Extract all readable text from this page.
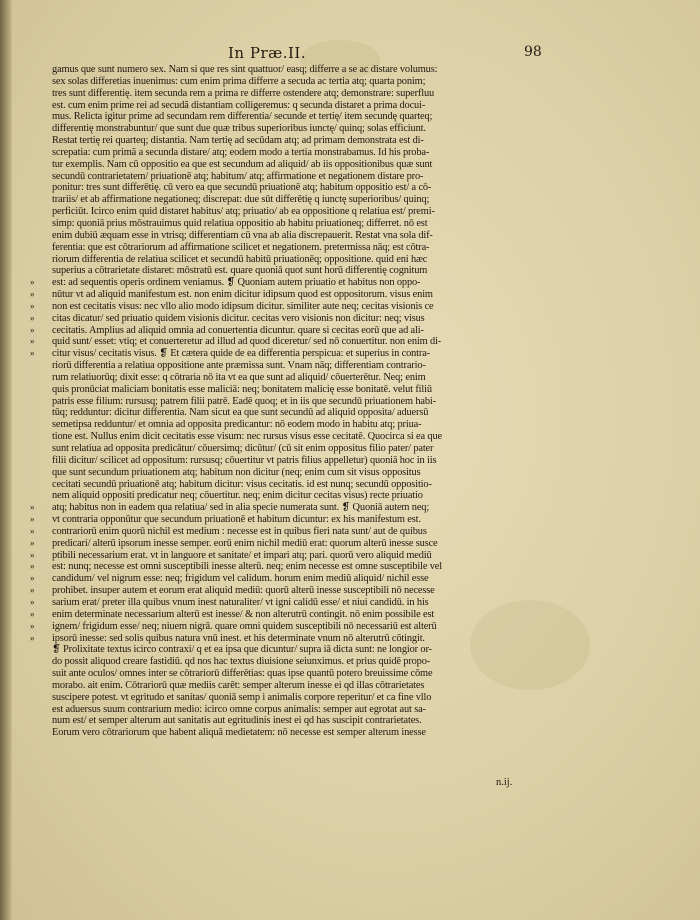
In Præ.II.	98
gamus que sunt numero sex. Nam si que res sint quattuor/ easq; differre a se ac distare volumus:
sex solas differetias inuenimus: cum enim prima differre a secuda ac tertia atq; quarta ponim;
tres sunt differentię. item secunda rem a prima re differre ostendere atq; demonstrare: superfluu
est. cum enim prime rei ad secudã distantiam colligeremus: q secunda distaret a prima docui-
mus. Relicta igitur prime ad secundam rem differentia/ secunde et tertię/ item secundę quarteq;
differentię monstrabuntur/ que sunt due quæ tribus superioribus iunctę/ quinq; solas efficiunt.
Restat tertię rei quarteq; distantia. Nam tertię ad secūdam atq; ad primam demonstrata est di-
screpatia: cum primã a secunda distare/ atq; eodem modo a tertia monstrabamus. Id his proba-
tur exemplis. Nam cū oppositio ea que est secundum ad aliquid/ ab iis oppositionibus quæ sunt
secundū contrarietatem/ priuationē atq; habitum/ atq; affirmatione et negationem distare pro-
ponitur: tres sunt differētię. cū vero ea que secundū priuationē atq; habitum oppositio est/ a cō-
trariis/ et ab affirmatione negationeq; discrepat: due sūt differētię q iunctę superioribus/ quinq;
perficiūt. Icirco enim quid distaret habitus/ atq; priuatio/ ab ea oppositione q relatiua est/ premi-
simp: quoniā prius mōstrauimus quid relatiua oppositio ab habitu priuationeq; differret. nō est
enim dubiū æquam esse in vtrisq; differentiam cū vna ab alia discrepauerit. Restat vna sola dif-
ferentia: que est cōtrariorum ad affirmatione scilicet et negationem. pretermissa nāq; est cōtra-
riorum differentia de relatiua scilicet et secundū habitū priuationēq; oppositione. quid eni hæc
superius a cōtrarietate distaret: mōstratū est. quare quoniā quot sunt horū differentię cognitum
» est: ad sequentis operis ordinem veniamus. ❡ Quoniam autem priuatio et habitus non oppo-
» nūtur vt ad aliquid manifestum est. non enim dicitur idipsum quod est oppositorum. visus enim
» non est cecitatis visus: nec vllo alio modo idipsum dicitur. similiter aute neq; cecitas visionis ce
» citas dicatur/ sed priuatio quidem visionis dicitur. cecitas vero visionis non dicitur: neq; visus
» cecitatis. Amplius ad aliquid omnia ad conuertentia dicuntur. quare si cecitas eorū que ad ali-
» quid sunt/ esset: vtiq; et conuerteretur ad illud ad quod diceretur/ sed nō conuertitur. non enim di-
» citur visus/ cecitatis visus. ❡ Et cætera quide de ea differentia perspicua: et superius in contra-
riorū differentia a relatiua oppositione ante præmissa sunt. Vnam nāq; differentiam contrario-
rum relatiuorūq; dixit esse: q cōtraria nō ita vt ea que sunt ad aliquid/ cōuerterētur. Neq; enim
quis pronūciat maliciam bonitatis esse maliciā: neq; bonitatem malicię esse bonitatē. velut filiū
patris esse filium: rursusq; patrem filii patrē. Eadē quoq; et in iis que secundū priuationem habi-
tūq; redduntur: dicitur differentia. Nam sicut ea que sunt secundū ad aliquid opposita/ aduersū
semetipsa redduntur/ et omnia ad opposita predicantur: nō eodem modo in habitu atq; priua-
tione est. Nullus enim dicit cecitatis esse visum: nec rursus visus esse cecitatē. Quocirca si ea que
sunt relatiua ad opposita predicātur/ cōuersimq; dicūtur/ (cū sit enim oppositus filio pater/ pater
filii dicitur/ scilicet ad oppositum: rursusq; cōuertitur vt patris filius appelletur) quoniā hoc in iis
que sunt secundum priuationem atq; habitum non dicitur (neq; enim cum sit visus oppositus
cecitati secundū priuationē atq; habitum dicitur: visus cecitatis. id est nunq; secundū oppositio-
nem aliquid oppositi predicatur neq; cōuertitur. neq; enim dicitur cecitas visus) recte priuatio
» atq; habitus non in eadem qua relatiua/ sed in alia specie numerata sunt. ❡ Quoniā autem neq;
» vt contraria opponūtur que secundum priuationē et habitum dicuntur: ex his manifestum est.
» contrariorū enim quorū nichil est medium : necesse est in quibus fieri nata sunt/ aut de quibus
» predicari/ alterū ipsorum inesse semper. eorū enim nichil mediū erat: quorum alterū inesse susce
» ptibili necessarium erat. vt in languore et sanitate/ et impari atq; pari. quorū vero aliquid mediū
» est: nunq; necesse est omni susceptibili inesse alterū. neq; enim necesse est omne susceptibile vel
» candidum/ vel nigrum esse: neq; frigidum vel calidum. horum enim mediū aliquid/ nichil esse
» prohibet. insuper autem et eorum erat aliquid mediū: quorū alterū inesse susceptibili nō necesse
» sarium erat/ preter illa quibus vnum inest naturaliter/ vt igni calidū esse/ et niui candidū. in his
» enim determinate necessarium alterū est inesse/ & non alterutrū contingit. nō enim possibile est
» ignem/ frigidum esse/ neq; niuem nigrā. quare omni quidem susceptibili nō necessariū est alterū
» ipsorū inesse: sed solis quibus natura vnū inest. et his determinate vnum nō alterutrū cōtingit.
❡ Prolixitate textus icirco contraxi/ q et ea ipsa que dicuntur/ supra iā dicta sunt: ne longior or-
do possit aliquod creare fastidiū. qd nos hac textus diuisione seiunximus. et prius quidē propo-
suit ante oculos/ omnes inter se cōtrariorū differētias: quas ipse quantū potero breuissime cōme
morabo. ait enim. Cōtrariorū quæ mediis carēt: semper alterum inesse ei qd illas cōtrarietates
suscipere potest. vt egritudo et sanitas/ quoniā semp i animalis corpore reperitur/ et ca fine vllo
est aduersus suum contrarium medio: icirco omne corpus animalis: semper aut egrotat aut sa-
num est/ et semper alterum aut sanitatis aut egritudinis inest ei qd has suscipit contrarietates.
Eorum vero cōtrariorum que habent aliquā medietatem: nō necesse est semper alterum inesse
n.ij.
